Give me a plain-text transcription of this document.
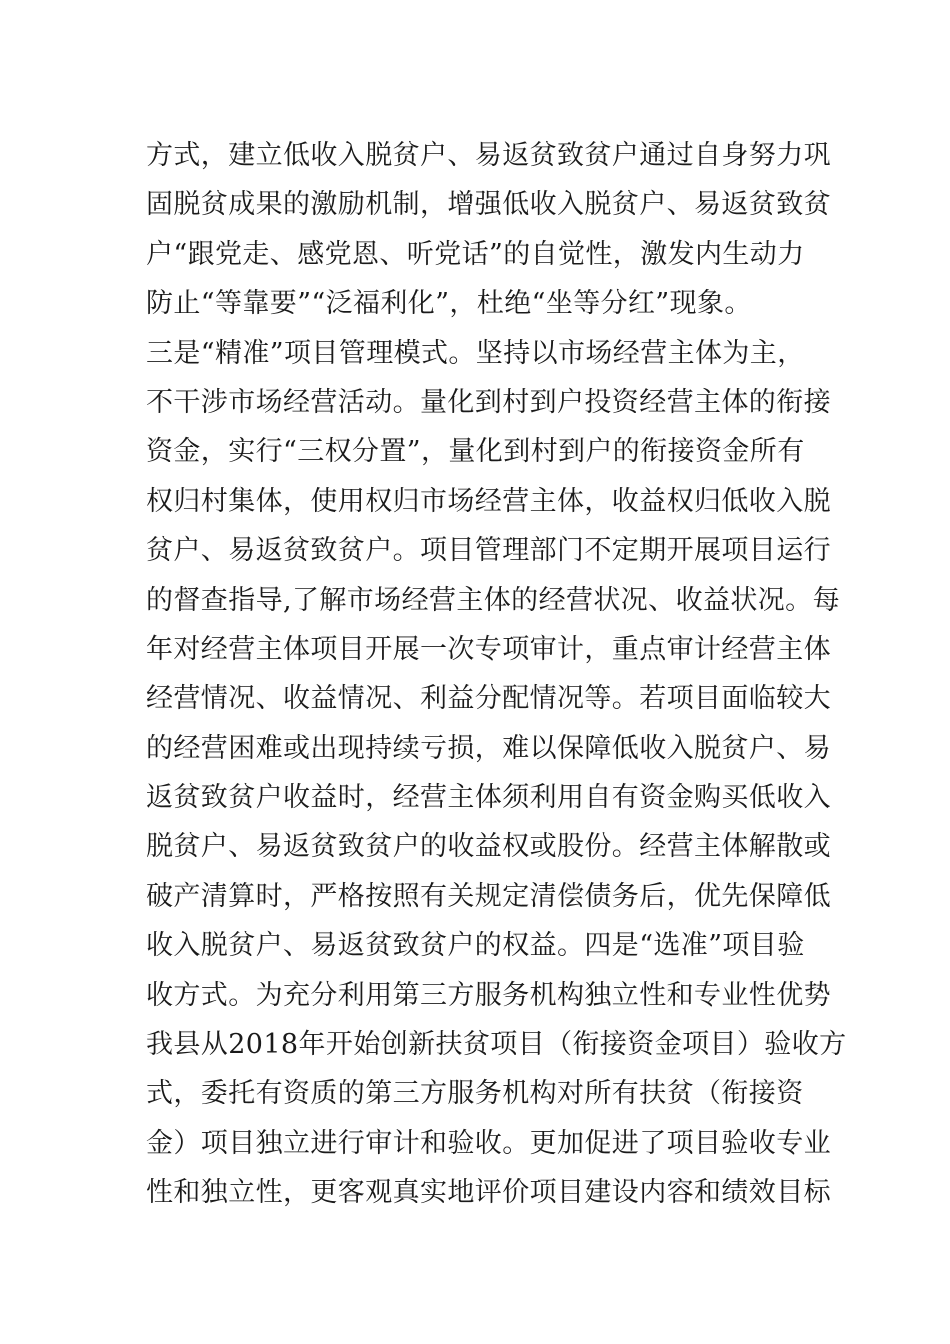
方式，建立低收入脱贫户、易返贫致贫户通过自身努力巩
固脱贫成果的激励机制，增强低收入脱贫户、易返贫致贫
户“跟党走、感党恩、听党话”的自觉性，激发内生动力
防止“等靠要”“泛福利化”，杜绝“坐等分红”现象。
三是“精准”项目管理模式。坚持以市场经营主体为主，
不干涉市场经营活动。量化到村到户投资经营主体的衔接
资金，实行“三权分置”，量化到村到户的衔接资金所有
权归村集体，使用权归市场经营主体，收益权归低收入脱
贫户、易返贫致贫户。项目管理部门不定期开展项目运行
的督查指导,了解市场经营主体的经营状况、收益状况。每
年对经营主体项目开展一次专项审计，重点审计经营主体
经营情况、收益情况、利益分配情况等。若项目面临较大
的经营困难或出现持续亏损，难以保障低收入脱贫户、易
返贫致贫户收益时，经营主体须利用自有资金购买低收入
脱贫户、易返贫致贫户的收益权或股份。经营主体解散或
破产清算时，严格按照有关规定清偿债务后，优先保障低
收入脱贫户、易返贫致贫户的权益。四是“选准”项目验
收方式。为充分利用第三方服务机构独立性和专业性优势
我县从2018年开始创新扶贫项目（衔接资金项目）验收方
式，委托有资质的第三方服务机构对所有扶贫（衔接资
金）项目独立进行审计和验收。更加促进了项目验收专业
性和独立性，更客观真实地评价项目建设内容和绩效目标
